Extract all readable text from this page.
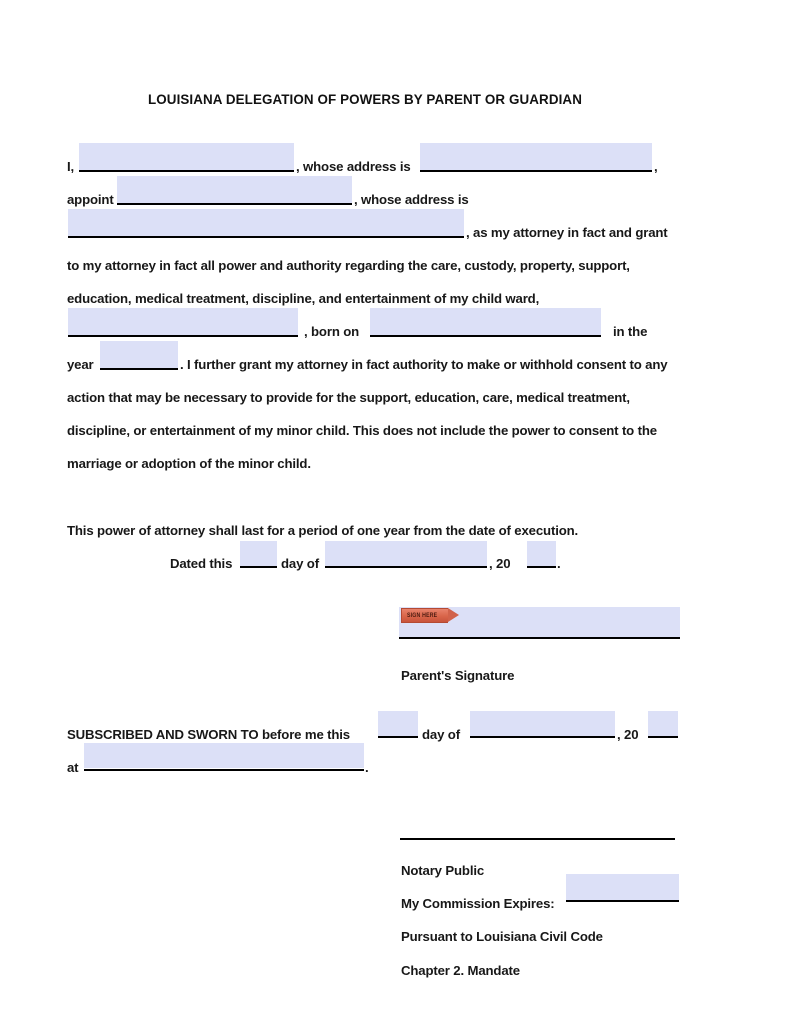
LOUISIANA DELEGATION OF POWERS BY PARENT OR GUARDIAN
I,	, whose address is	,
appoint	, whose address is
, as my attorney in fact and grant
to my attorney in fact all power and authority regarding the care, custody, property, support,
education, medical treatment, discipline, and entertainment of my child ward,
, born on	in the
year	. I further grant my attorney in fact authority to make or withhold consent to any
action that may be necessary to provide for the support, education, care, medical treatment,
discipline, or entertainment of my minor child. This does not include the power to consent to the
marriage or adoption of the minor child.
This power of attorney shall last for a period of one year from the date of execution.
Dated this	day of	, 20	.
SIGN HERE
Parent's Signature
SUBSCRIBED AND SWORN TO before me this	day of	, 20
at	.
Notary Public
My Commission Expires:
Pursuant to Louisiana Civil Code
Chapter 2. Mandate
